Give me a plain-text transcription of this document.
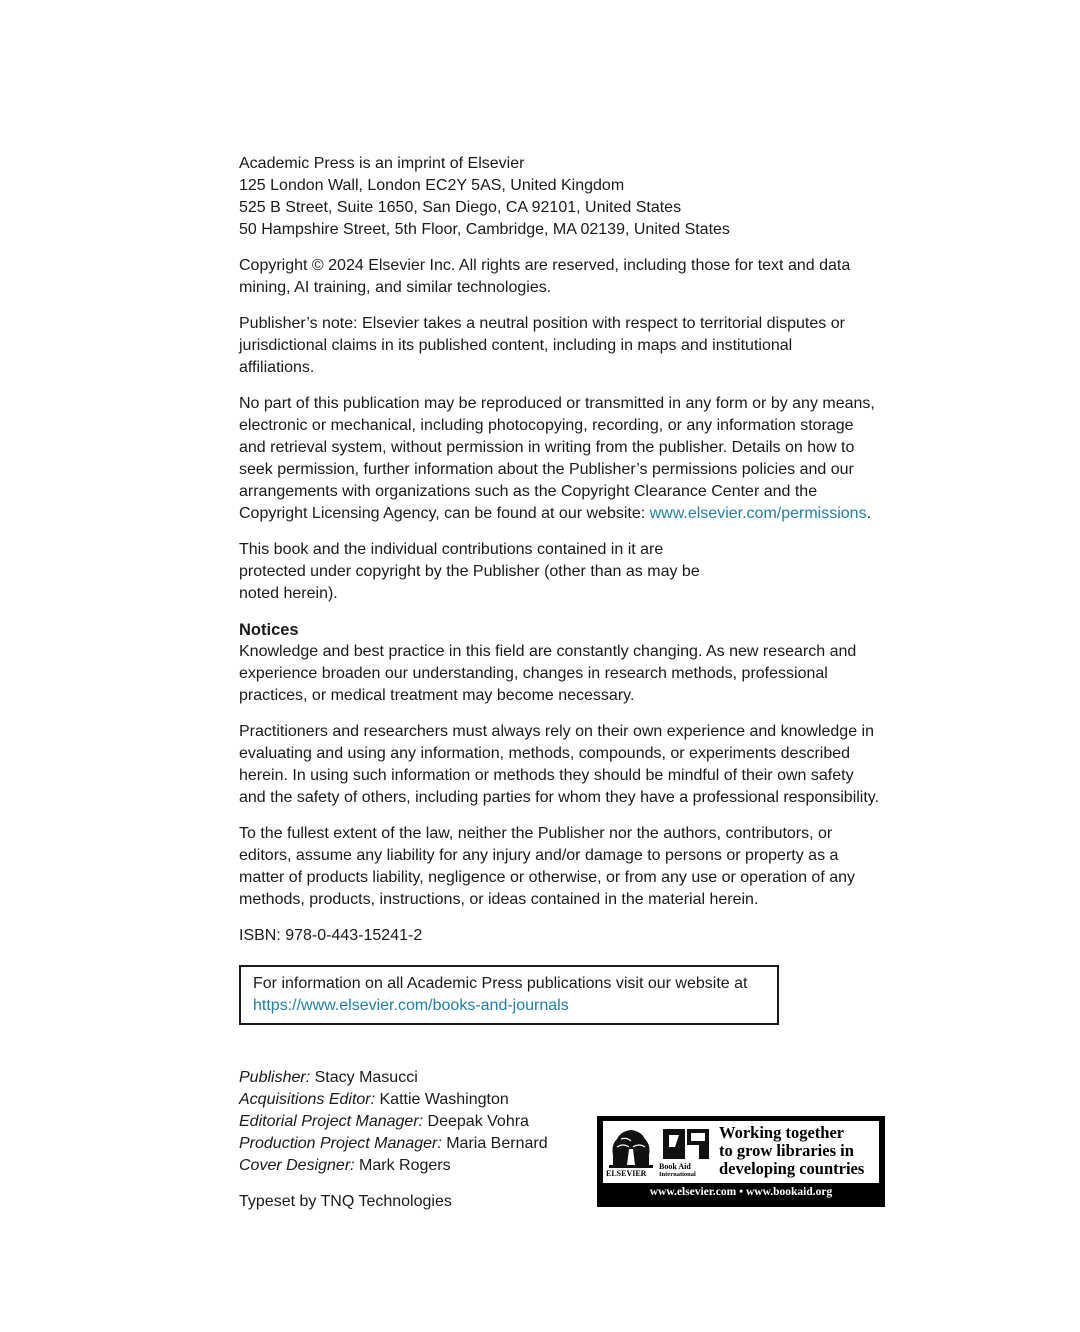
Academic Press is an imprint of Elsevier
125 London Wall, London EC2Y 5AS, United Kingdom
525 B Street, Suite 1650, San Diego, CA 92101, United States
50 Hampshire Street, 5th Floor, Cambridge, MA 02139, United States
Copyright © 2024 Elsevier Inc. All rights are reserved, including those for text and data
mining, AI training, and similar technologies.
Publisher’s note: Elsevier takes a neutral position with respect to territorial disputes or
jurisdictional claims in its published content, including in maps and institutional
affiliations.
No part of this publication may be reproduced or transmitted in any form or by any means,
electronic or mechanical, including photocopying, recording, or any information storage
and retrieval system, without permission in writing from the publisher. Details on how to
seek permission, further information about the Publisher’s permissions policies and our
arrangements with organizations such as the Copyright Clearance Center and the
Copyright Licensing Agency, can be found at our website: www.elsevier.com/permissions.
This book and the individual contributions contained in it are
protected under copyright by the Publisher (other than as may be
noted herein).
Notices
Knowledge and best practice in this field are constantly changing. As new research and
experience broaden our understanding, changes in research methods, professional
practices, or medical treatment may become necessary.
Practitioners and researchers must always rely on their own experience and knowledge in
evaluating and using any information, methods, compounds, or experiments described
herein. In using such information or methods they should be mindful of their own safety
and the safety of others, including parties for whom they have a professional responsibility.
To the fullest extent of the law, neither the Publisher nor the authors, contributors, or
editors, assume any liability for any injury and/or damage to persons or property as a
matter of products liability, negligence or otherwise, or from any use or operation of any
methods, products, instructions, or ideas contained in the material herein.
ISBN: 978-0-443-15241-2
For information on all Academic Press publications visit our website at
https://www.elsevier.com/books-and-journals
Publisher: Stacy Masucci
Acquisitions Editor: Kattie Washington
Editorial Project Manager: Deepak Vohra
Production Project Manager: Maria Bernard
Cover Designer: Mark Rogers
Typeset by TNQ Technologies
ELSEVIER
Book Aid
International
Working together
to grow libraries in
developing countries
www.elsevier.com • www.bookaid.org
